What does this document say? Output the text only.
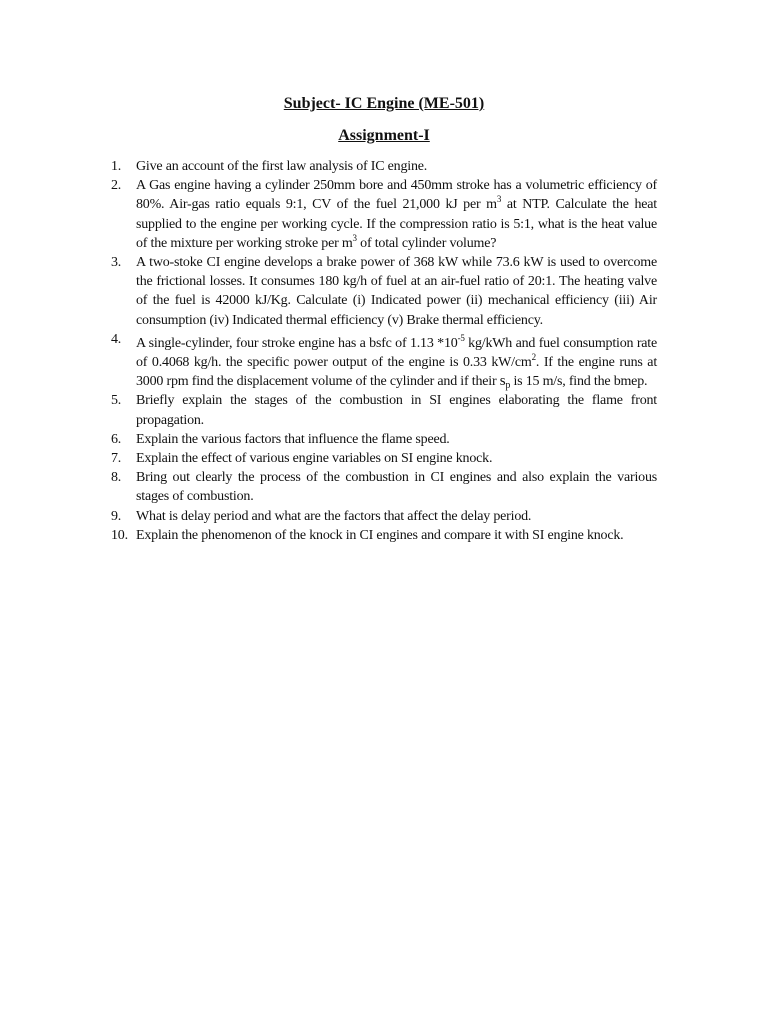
Subject- IC Engine (ME-501)
Assignment-I
1. Give an account of the first law analysis of IC engine.
2. A Gas engine having a cylinder 250mm bore and 450mm stroke has a volumetric efficiency of 80%. Air-gas ratio equals 9:1, CV of the fuel 21,000 kJ per $m^3$ at NTP. Calculate the heat supplied to the engine per working cycle. If the compression ratio is 5:1, what is the heat value of the mixture per working stroke per $m^3$ of total cylinder volume?
3. A two-stoke CI engine develops a brake power of 368 kW while 73.6 kW is used to overcome the frictional losses. It consumes 180 kg/h of fuel at an air-fuel ratio of 20:1. The heating valve of the fuel is 42000 kJ/Kg. Calculate (i) Indicated power (ii) mechanical efficiency (iii) Air consumption (iv) Indicated thermal efficiency (v) Brake thermal efficiency.
4. A single-cylinder, four stroke engine has a bsfc of 1.13 $*10^{-5}$ kg/kWh and fuel consumption rate of 0.4068 kg/h. the specific power output of the engine is 0.33 $kW/cm^2$. If the engine runs at 3000 rpm find the displacement volume of the cylinder and if their $s_p$ is 15 m/s, find the bmep.
5. Briefly explain the stages of the combustion in SI engines elaborating the flame front propagation.
6. Explain the various factors that influence the flame speed.
7. Explain the effect of various engine variables on SI engine knock.
8. Bring out clearly the process of the combustion in CI engines and also explain the various stages of combustion.
9. What is delay period and what are the factors that affect the delay period.
10. Explain the phenomenon of the knock in CI engines and compare it with SI engine knock.
